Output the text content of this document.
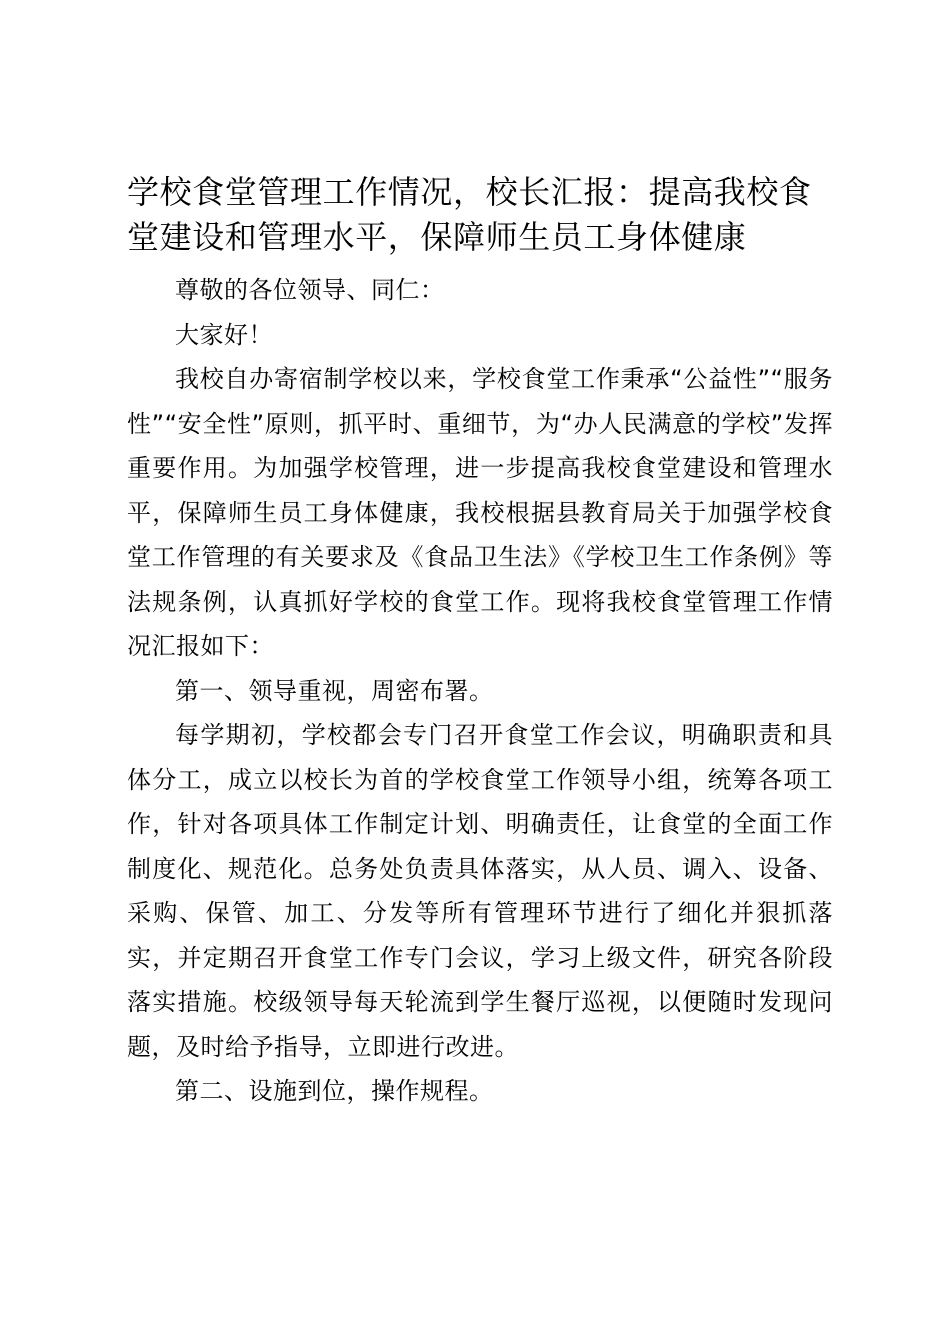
学校食堂管理工作情况，校长汇报：提高我校食堂建设和管理水平，保障师生员工身体健康

尊敬的各位领导、同仁：

大家好！

我校自办寄宿制学校以来，学校食堂工作秉承“公益性”“服务性”“安全性”原则，抓平时、重细节，为“办人民满意的学校”发挥重要作用。为加强学校管理，进一步提高我校食堂建设和管理水平，保障师生员工身体健康，我校根据县教育局关于加强学校食堂工作管理的有关要求及《食品卫生法》《学校卫生工作条例》等法规条例，认真抓好学校的食堂工作。现将我校食堂管理工作情况汇报如下：

第一、领导重视，周密布署。

每学期初，学校都会专门召开食堂工作会议，明确职责和具体分工，成立以校长为首的学校食堂工作领导小组，统筹各项工作，针对各项具体工作制定计划、明确责任，让食堂的全面工作制度化、规范化。总务处负责具体落实，从人员、调入、设备、采购、保管、加工、分发等所有管理环节进行了细化并狠抓落实，并定期召开食堂工作专门会议，学习上级文件，研究各阶段落实措施。校级领导每天轮流到学生餐厅巡视，以便随时发现问题，及时给予指导，立即进行改进。

第二、设施到位，操作规程。
